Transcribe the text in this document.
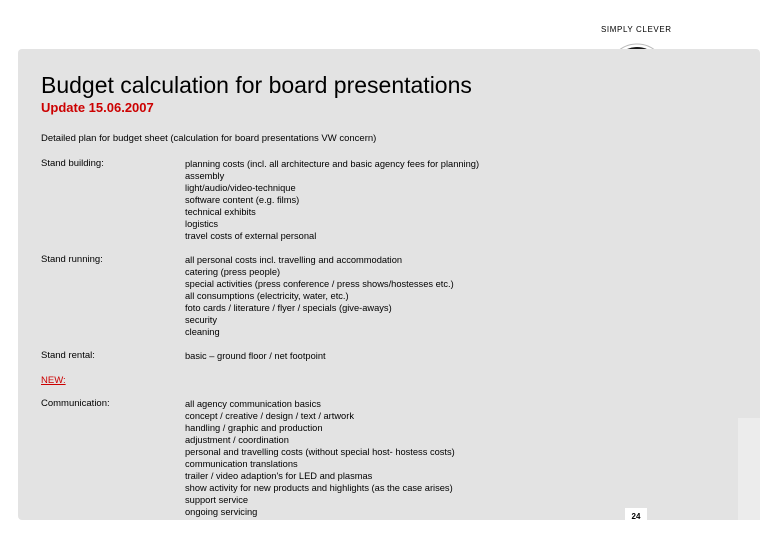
SIMPLY CLEVER
Budget calculation for board presentations
Update 15.06.2007
Detailed plan for budget sheet (calculation for board presentations VW concern)
Stand building:	planning costs (incl. all architecture and basic agency fees for planning)
assembly
light/audio/video-technique
software content (e.g. films)
technical exhibits
logistics
travel costs of external personal
Stand running:	all personal costs incl. travelling and accommodation
catering (press people)
special activities (press conference / press shows/hostesses etc.)
all consumptions (electricity, water, etc.)
foto cards / literature / flyer / specials (give-aways)
security
cleaning
Stand rental:	basic – ground floor / net footpoint
NEW:
Communication:	all agency communication basics
concept / creative / design / text / artwork
handling / graphic and production
adjustment / coordination
personal and travelling costs (without special host- hostess costs)
communication translations
trailer / video adaption's for LED and plasmas
show activity for new products and highlights (as the case arises)
support service
ongoing servicing	24
